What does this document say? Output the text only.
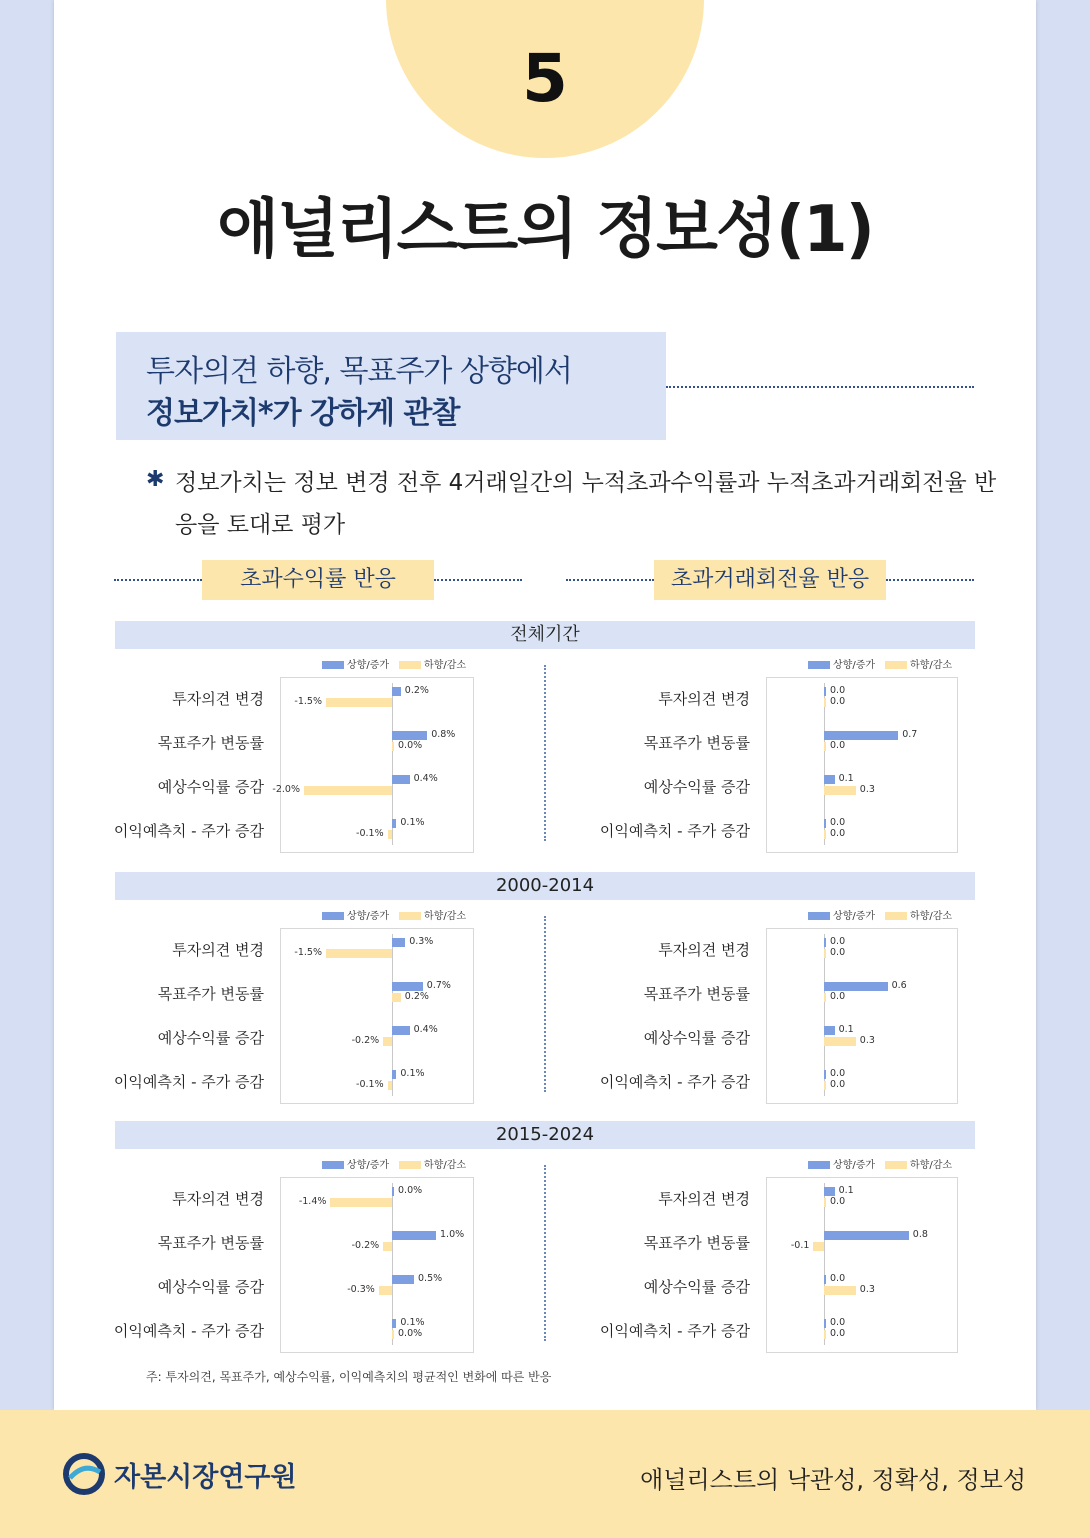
5
애널리스트의 정보성(1)
투자의견 하향, 목표주가 상향에서
정보가치*가 강하게 관찰
✱ 정보가치는 정보 변경 전후 4거래일간의 누적초과수익률과 누적초과거래회전율 반응을 토대로 평가
초과수익률 반응	초과거래회전율 반응
전체기간
상향/증가	하향/감소
투자의견 변경	0.2%
-1.5%
목표주가 변동률	0.8%
0.0%
예상수익률 증감	0.4%
-2.0%
이익예측치 - 주가 증감	0.1%
-0.1%
상향/증가	하향/감소
투자의견 변경	0.0
0.0
목표주가 변동률	0.7
0.0
예상수익률 증감	0.1
0.3
이익예측치 - 주가 증감	0.0
0.0
2000-2014
상향/증가	하향/감소
투자의견 변경	0.3%
-1.5%
목표주가 변동률	0.7%
0.2%
예상수익률 증감	0.4%
-0.2%
이익예측치 - 주가 증감	0.1%
-0.1%
상향/증가	하향/감소
투자의견 변경	0.0
0.0
목표주가 변동률	0.6
0.0
예상수익률 증감	0.1
0.3
이익예측치 - 주가 증감	0.0
0.0
2015-2024
상향/증가	하향/감소
투자의견 변경	0.0%
-1.4%
목표주가 변동률	1.0%
-0.2%
예상수익률 증감	0.5%
-0.3%
이익예측치 - 주가 증감	0.1%
0.0%
상향/증가	하향/감소
투자의견 변경	0.1
0.0
목표주가 변동률	0.8
-0.1
예상수익률 증감	0.0
0.3
이익예측치 - 주가 증감	0.0
0.0
주: 투자의견, 목표주가, 예상수익률, 이익예측치의 평균적인 변화에 따른 반응
자본시장연구원	애널리스트의 낙관성, 정확성, 정보성
